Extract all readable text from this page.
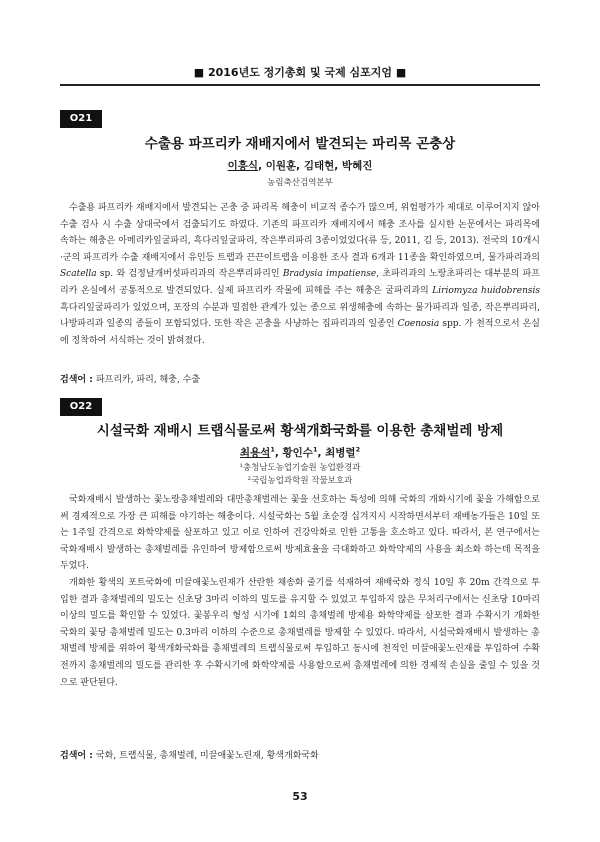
■ 2016년도 정기총회 및 국제 심포지엄 ■
O21
수출용 파프리카 재배지에서 발견되는 파리목 곤충상
이흥식, 이원훈, 김태현, 박혜진
농림축산검역본부

수출용 파프리카 재배지에서 발견되는 곤충 중 파리목 해충이 비교적 종수가 많으며, 위험평가가 제대로 이루어지지 않아 수출 검사 시 수출 상대국에서 검출되기도 하였다. 기존의 파프리카 재배지에서 해충 조사를 실시한 논문에서는 파리목에 속하는 해충은 아메리카잎굴파리, 흑다리잎굴파리, 작은뿌리파리 3종이었었다(류 등, 2011, 김 등, 2013). 전국의 10개시·군의 파프리카 수출 재배지에서 유인등 트랩과 끈끈이트랩을 이용한 조사 결과 6개과 11종을 확인하였으며, 물가파리과의 Scatella sp. 와 검정날개버섯파리과의 작은뿌리파리인 Bradysia impatiense, 초파리과의 노랑초파리는 대부분의 파프리카 온실에서 공통적으로 발견되었다. 실제 파프리카 작물에 피해를 주는 해충은 굴파리과의 Liriomyza huidobrensis 흑다리잎굴파리가 있었으며, 포장의 수분과 밀접한 관계가 있는 종으로 위생해충에 속하는 물가파리과 일종, 작은뿌리파리, 나방파리과 일종의 종들이 포함되었다. 또한 작은 곤충을 사냥하는 집파리과의 일종인 Coenosia spp. 가 천적으로서 온실에 정착하여 서식하는 것이 밝혀졌다.

검색어 : 파프리카, 파리, 해충, 수출
O22
시설국화 재배시 트랩식물로써 황색개화국화를 이용한 총채벌레 방제
최용석$^1$, 황인수$^1$, 최병렬$^2$
¹충청남도농업기술원 농업환경과
²국립농업과학원 작물보호과

국화재배시 발생하는 꽃노랑총채벌레와 대만총채벌레는 꽃을 선호하는 특성에 의해 국화의 개화시기에 꽃을 가해함으로써 경제적으로 가장 큰 피해를 야기하는 해충이다. 시설국화는 5월 초순경 십겨지시 시작하면서부터 재배농가들은 10일 또는 1주일 간격으로 화학약제를 살포하고 있고 이로 인하여 건강악화로 인한 고통을 호소하고 있다. 따라서, 본 연구에서는 국화재배시 발생하는 총채벌레를 유인하여 방제함으로써 방제효율을 극대화하고 화학약제의 사용을 최소화 하는데 목적을 두었다.

개화한 황색의 포트국화에 미끌애꽃노린재가 산란한 채송화 줄기를 석재하여 재배국화 정식 10일 후 20m 간격으로 투입한 결과 총채벌레의 밀도는 신초당 3마리 이하의 밀도를 유지할 수 있었고 투입하지 않은 무처리구에서는 신초당 10마리 이상의 밀도를 확인할 수 있었다. 꽃봉우리 형성 시기에 1회의 총채벌레 방제용 화학약제를 살포한 결과 수확시기 개화한 국화의 꽃당 총채벌레 밀도는 0.3마리 이하의 수준으로 총채벌레를 방제할 수 있었다. 따라서, 시설국화재배시 발생하는 총채벌레 방제를 위하여 황색개화국화를 총채벌레의 트랩식물로써 투입하고 동시에 천적인 미끌애꽃노린재를 투입하여 수확전까지 총채벌레의 밀도를 관리한 후 수확시기에 화학약제를 사용함으로써 총채벌레에 의한 경제적 손실을 줄일 수 있을 것으로 판단된다.

검색어 : 국화, 트랩식물, 총채벌레, 미끌애꽃노린재, 황색개화국화
53
